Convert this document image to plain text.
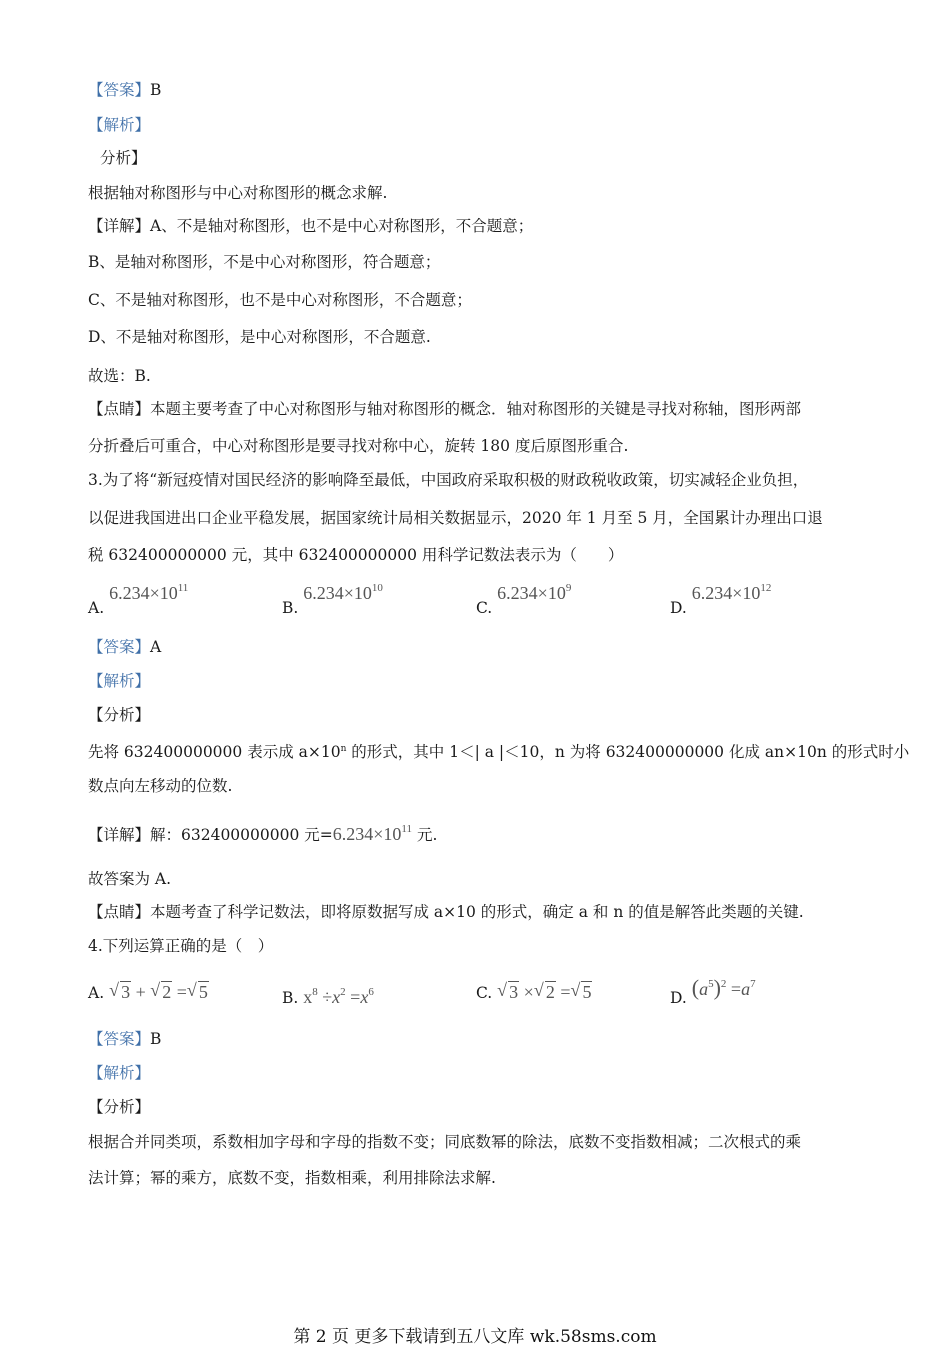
【答案】B
【解析】
分析】
根据轴对称图形与中心对称图形的概念求解.
【详解】A、不是轴对称图形，也不是中心对称图形，不合题意；
B、是轴对称图形，不是中心对称图形，符合题意；
C、不是轴对称图形，也不是中心对称图形，不合题意；
D、不是轴对称图形，是中心对称图形，不合题意.
故选：B.
【点睛】本题主要考查了中心对称图形与轴对称图形的概念．轴对称图形的关键是寻找对称轴，图形两部
分折叠后可重合，中心对称图形是要寻找对称中心，旋转 180 度后原图形重合.
3.为了将“新冠疫情对国民经济的影响降至最低，中国政府采取积极的财政税收政策，切实减轻企业负担，
以促进我国进出口企业平稳发展，据国家统计局相关数据显示，2020 年 1 月至 5 月，全国累计办理出口退
税 632400000000 元，其中 632400000000 用科学记数法表示为（　　）
A. $6.234\times 10^{11}$
B. $6.234\times 10^{10}$
C. $6.234\times 10^9$
D. $6.234\times 10^{12}$
【答案】A
【解析】
【分析】
先将 632400000000 表示成 $a\times 10^n$ 的形式，其中 1＜| a |＜10，n 为将 632400000000 化成 an×10n 的形式时小
数点向左移动的位数.
【详解】解：632400000000 元$=6.234\times 10^{11}$ 元.
故答案为 A.
【点睛】本题考查了科学记数法，即将原数据写成 a×10 的形式，确定 a 和 n 的值是解答此类题的关键.
4.下列运算正确的是（　）
A. √ 3 + √ 2 = √ 5	B. $x^8 \div x^2 =x^6$	C. √ 3 × √ 2 = √ 5	D. $(a^5)^2 =a^7$
【答案】B
【解析】
【分析】
根据合并同类项，系数相加字母和字母的指数不变；同底数幂的除法，底数不变指数相减；二次根式的乘
法计算；幂的乘方，底数不变，指数相乘，利用排除法求解.
第 2 页 更多下载请到五八文库 wk.58sms.com
